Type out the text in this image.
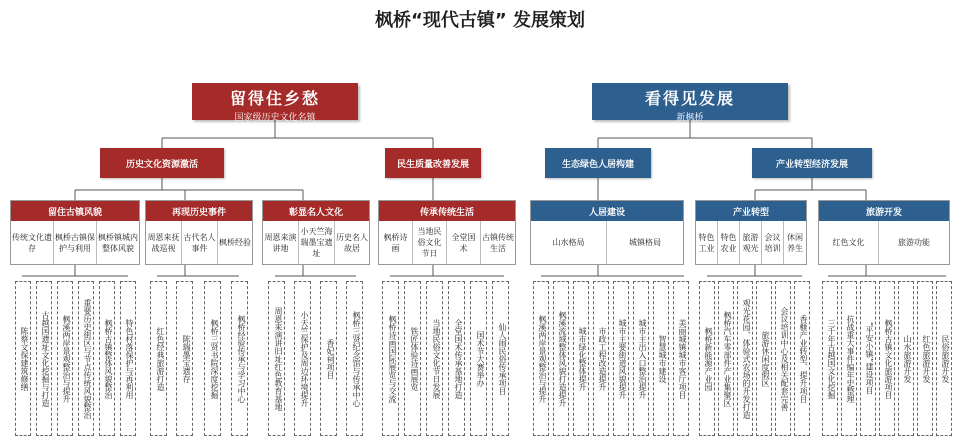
枫桥“现代古镇” 发展策划
留得住乡愁
国家级历史文化名镇
看得见发展
新枫桥
历史文化资源激活	民生质量改善发展	生态绿色人居构建	产业转型经济发展
留住古镇风貌
传统文化遗存
枫桥古镇保护与利用
枫桥镇城内整体风貌
再现历史事件
周恩来抚战巡视
古代名人事件
枫桥经验
彰显名人文化
周恩来演讲地
小天竺海瑞墨宝遗址
历史名人故居
传承传统生活
枫桥诗画
当地民俗文化节日
全堂国术
古镇传统生活
人居建设
山水格局	城镇格局
产业转型
特色工业
特色农业
旅游观光
会议培训
休闲养生
旅游开发
红色文化	旅游功能
陈蔡文保建筑修缮	古越国遗址文化挖掘与打造	枫溪两岸景观整治与提升	重要历史街区与节点传统风貌整治	枫桥古镇整体风貌整治	特色村落保护与再利用	红色经典旅游打造	陈瑞墨宝遗存	枫桥三贤书院深度挖掘	枫桥经验传承与学习中心	周恩来演讲旧址红色教育基地	小天竺保护及周边环境提升	香妃祠项目	枫桥三贤纪念馆与传承中心	枫桥诗画国际展览与交流	铁匠体验诗画展览	当地民俗文化节日发展	全堂国术传承基地打造	国术节大赛举办	仙人闹民俗传承项目	枫溪两岸景观整治与提升	枫溪流域整体风貌打造提升	城市绿化整体提升	市政工程改造提升	城市主要街道风貌提升	城市主出入口整治提升	智慧城市建设	美丽城镇城市客厅项目	枫桥新能源产业园	枫桥汽车零部件产业集聚区	观光花园、体验式农场的开发打造	旅游休闲度假区	会议培训中心及相关配套完善	香榧产业转型、提升项目	三千年古越国文化挖掘	抗战重大事件编年史整理	“平安小镇”建设项目	枫桥古镇文化旅游项目	山水旅游开发	红色旅游开发	民俗旅游开发
